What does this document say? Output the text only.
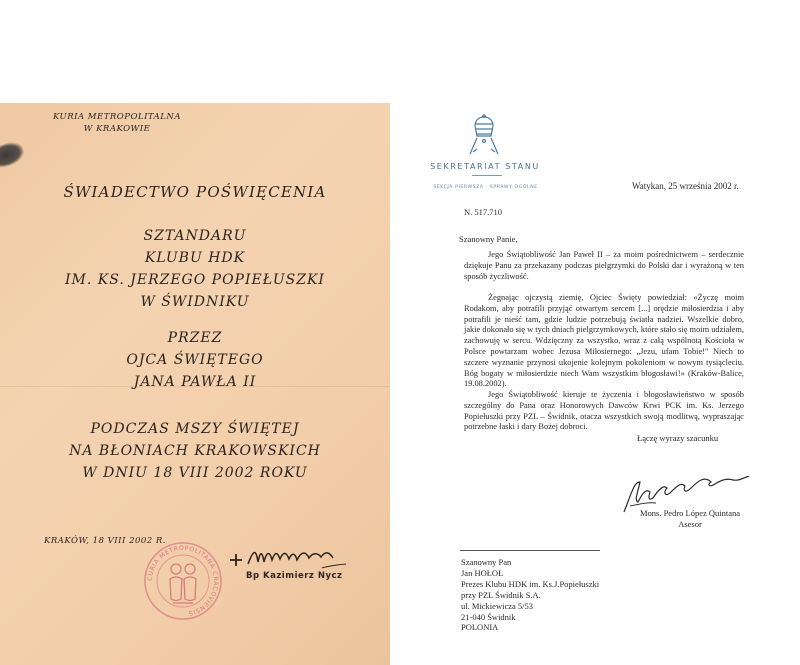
KURIA METROPOLITALNA
W KRAKOWIE
ŚWIADECTWO POŚWIĘCENIA
SZTANDARU
KLUBU HDK
IM. KS. JERZEGO POPIEŁUSZKI
W ŚWIDNIKU
PRZEZ
OJCA ŚWIĘTEGO
JANA PAWŁA II
PODCZAS MSZY ŚWIĘTEJ
NA BŁONIACH KRAKOWSKICH
W DNIU 18 VIII 2002 ROKU
KRAKÓW, 18 VIII 2002 R.
CURIA METROPOLITANA CRACOVIENSIS
Bp Kazimierz Nycz
SEKRETARIAT STANU
SEKCJA PIERWSZA · SPRAWY OGÓLNE	Watykan, 25 września 2002 r.
N. 517.710
Szanowny Panie,

Jego Świątobliwość Jan Paweł II – za moim pośrednictwem – serdecznie dziękuje Panu za przekazany podczas pielgrzymki do Polski dar i wyrażoną w ten sposób życzliwość.

Żegnając ojczystą ziemię, Ojciec Święty powiedział: «Życzę moim Rodakom, aby potrafili przyjąć otwartym sercem [...] orędzie miłosierdzia i aby potrafili je nieść tam, gdzie ludzie potrzebują światła nadziei. Wszelkie dobro, jakie dokonało się w tych dniach pielgrzymkowych, które stało się moim udziałem, zachowuję w sercu. Wdzięczny za wszystko, wraz z całą wspólnotą Kościoła w Polsce powtarzam wobec Jezusa Miłosiernego: „Jezu, ufam Tobie!" Niech to szczere wyznanie przynosi ukojenie kolejnym pokoleniom w nowym tysiącleciu. Bóg bogaty w miłosierdzie niech Wam wszystkim błogosławi!» (Kraków-Balice, 19.08.2002).

Jego Świątobliwość kieruje te życzenia i błogosławieństwo w sposób szczególny do Pana oraz Honorowych Dawców Krwi PCK im. Ks. Jerzego Popiełuszki przy PZL – Świdnik, otacza wszystkich swoją modlitwą, wypraszając potrzebne łaski i dary Bożej dobroci.

Łączę wyrazy szacunku
Mons. Pedro López Quintana
Asesor
Szanowny Pan
Jan HOŁOŁ
Prezes Klubu HDK im. Ks.J.Popiełuszki
przy PZL Świdnik S.A.
ul. Mickiewicza 5/53
21-040 Świdnik
POLONIA
